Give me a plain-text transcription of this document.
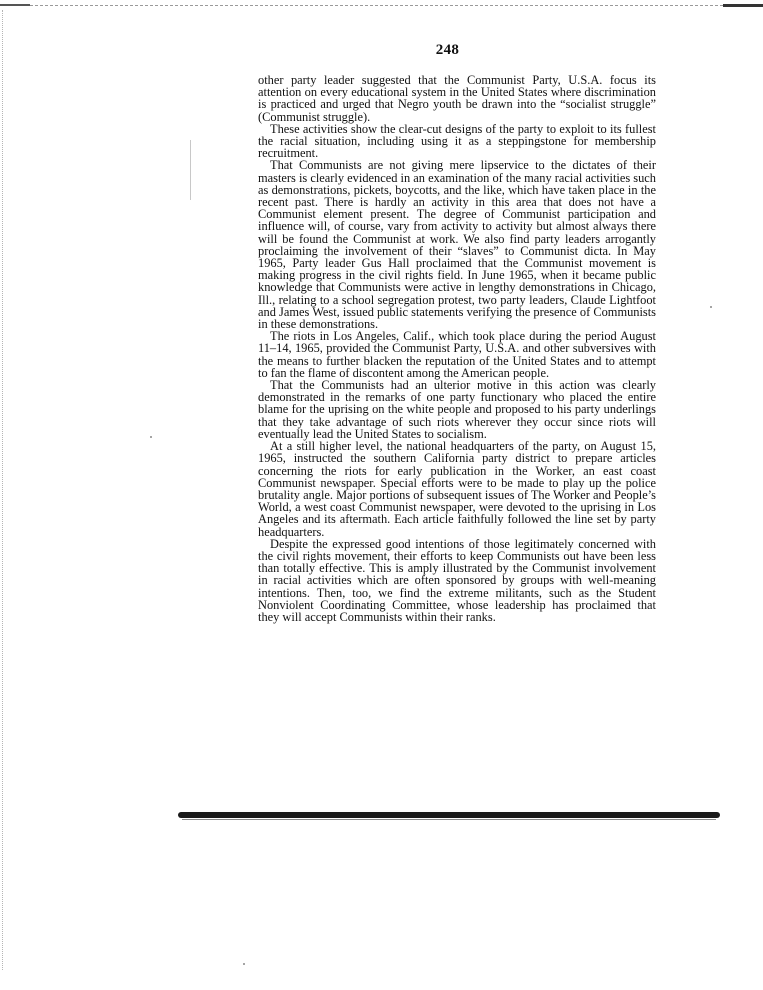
248

other party leader suggested that the Communist Party, U.S.A. focus its attention on every educational system in the United States where discrimination is practiced and urged that Negro youth be drawn into the “socialist struggle” (Communist struggle).

These activities show the clear-cut designs of the party to exploit to its fullest the racial situation, including using it as a steppingstone for membership recruitment.

That Communists are not giving mere lipservice to the dictates of their masters is clearly evidenced in an examination of the many racial activities such as demonstrations, pickets, boycotts, and the like, which have taken place in the recent past. There is hardly an activity in this area that does not have a Communist element present. The degree of Communist participation and influence will, of course, vary from activity to activity but almost always there will be found the Communist at work. We also find party leaders arrogantly proclaiming the involvement of their “slaves” to Communist dicta. In May 1965, Party leader Gus Hall proclaimed that the Communist movement is making progress in the civil rights field. In June 1965, when it became public knowledge that Communists were active in lengthy demonstrations in Chicago, Ill., relating to a school segregation protest, two party leaders, Claude Lightfoot and James West, issued public statements verifying the presence of Communists in these demonstrations.

The riots in Los Angeles, Calif., which took place during the period August 11–14, 1965, provided the Communist Party, U.S.A. and other subversives with the means to further blacken the reputation of the United States and to attempt to fan the flame of discontent among the American people.

That the Communists had an ulterior motive in this action was clearly demonstrated in the remarks of one party functionary who placed the entire blame for the uprising on the white people and proposed to his party underlings that they take advantage of such riots wherever they occur since riots will eventually lead the United States to socialism.

At a still higher level, the national headquarters of the party, on August 15, 1965, instructed the southern California party district to prepare articles concerning the riots for early publication in the Worker, an east coast Communist newspaper. Special efforts were to be made to play up the police brutality angle. Major portions of subsequent issues of The Worker and People’s World, a west coast Communist newspaper, were devoted to the uprising in Los Angeles and its aftermath. Each article faithfully followed the line set by party headquarters.

Despite the expressed good intentions of those legitimately concerned with the civil rights movement, their efforts to keep Communists out have been less than totally effective. This is amply illustrated by the Communist involvement in racial activities which are often sponsored by groups with well-meaning intentions. Then, too, we find the extreme militants, such as the Student Nonviolent Coordinating Committee, whose leadership has proclaimed that they will accept Communists within their ranks.
